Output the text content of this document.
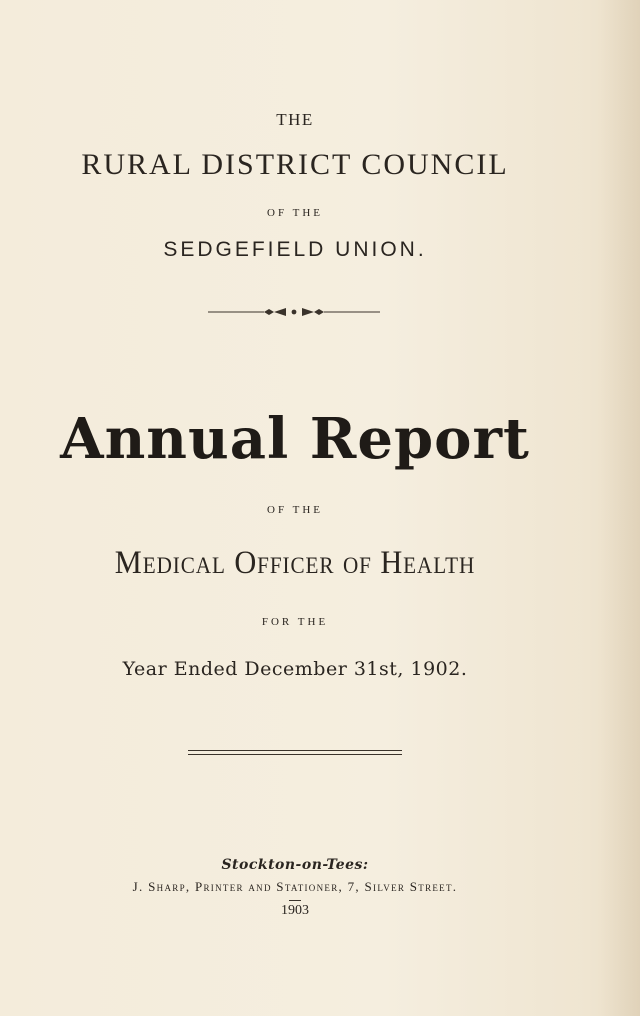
THE
RURAL DISTRICT COUNCIL
OF THE
SEDGEFIELD UNION.
Annual Report
OF THE
Medical Officer of Health
FOR THE
Year Ended December 31st, 1902.
Stockton-on-Tees:
J. Sharp, Printer and Stationer, 7, Silver Street.
1903
